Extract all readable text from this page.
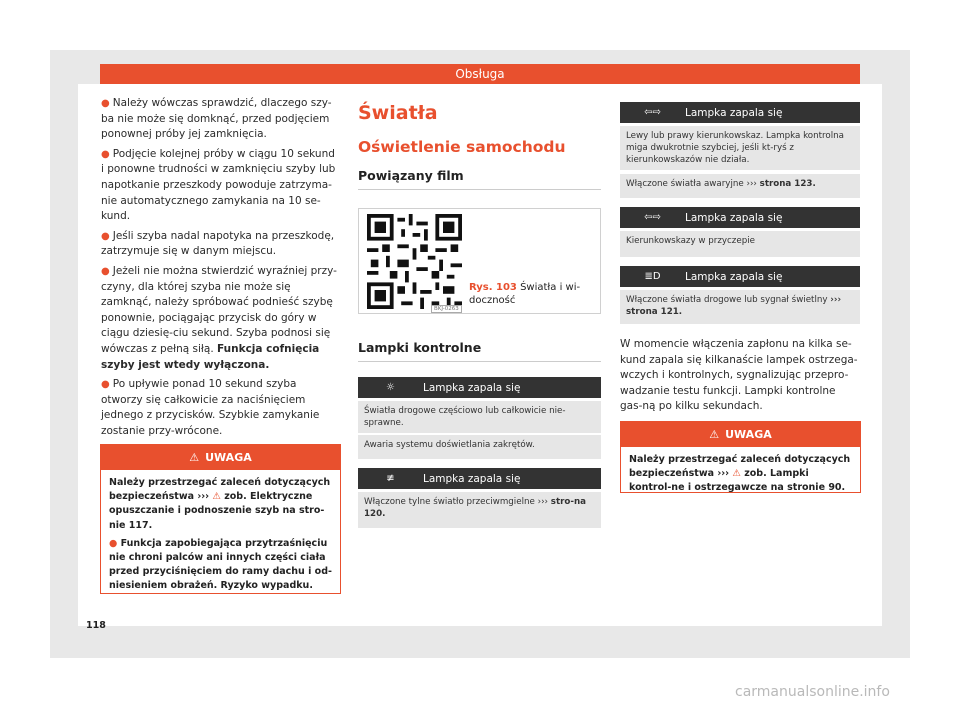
Obsługa

● Należy wówczas sprawdzić, dlaczego szy-ba nie może się domknąć, przed podjęciem ponownej próby jej zamknięcia.

● Podjęcie kolejnej próby w ciągu 10 sekund i ponowne trudności w zamknięciu szyby lub napotkanie przeszkody powoduje zatrzyma-nie automatycznego zamykania na 10 se-kund.

● Jeśli szyba nadal napotyka na przeszkodę, zatrzymuje się w danym miejscu.

● Jeżeli nie można stwierdzić wyraźniej przy-czyny, dla której szyba nie może się zamknąć, należy spróbować podnieść szybę ponownie, pociągając przycisk do góry w ciągu dziesię-ciu sekund. Szyba podnosi się wówczas z pełną siłą. Funkcja cofnięcia szyby jest wtedy wyłączona.

● Po upływie ponad 10 sekund szyba otworzy się całkowicie za naciśnięciem jednego z przycisków. Szybkie zamykanie zostanie przy-wrócone.

⚠ UWAGA

Należy przestrzegać zaleceń dotyczących bezpieczeństwa ››› ⚠ zob. Elektryczne opuszczanie i podnoszenie szyb na stro-nie 117.

● Funkcja zapobiegająca przytrzaśnięciu nie chroni palców ani innych części ciała przed przyciśnięciem do ramy dachu i od-niesieniem obrażeń. Ryzyko wypadku.

Światła
Oświetlenie samochodu
Powiązany film
BKJ-0263
Rys. 103 Światła i wi-doczność
Lampki kontrolne
☼	Lampka zapala się
Światła drogowe częściowo lub całkowicie nie-sprawne.
Awaria systemu doświetlania zakrętów.
≢	Lampka zapala się
Włączone tylne światło przeciwmgielne ››› stro-na 120.
⇦⇨	Lampka zapala się
Lewy lub prawy kierunkowskaz. Lampka kontrolna miga dwukrotnie szybciej, jeśli kt-ryś z kierunkowskazów nie działa.
Włączone światła awaryjne ››› strona 123.
⇦⇨	Lampka zapala się
Kierunkowskazy w przyczepie
≣D	Lampka zapala się
Włączone światła drogowe lub sygnał świetlny ››› strona 121.

W momencie włączenia zapłonu na kilka se-kund zapala się kilkanaście lampek ostrzega-wczych i kontrolnych, sygnalizując przepro-wadzanie testu funkcji. Lampki kontrolne gas-ną po kilku sekundach.

⚠ UWAGA

Należy przestrzegać zaleceń dotyczących bezpieczeństwa ››› ⚠ zob. Lampki kontrol-ne i ostrzegawcze na stronie 90.

118
carmanualsonline.info
